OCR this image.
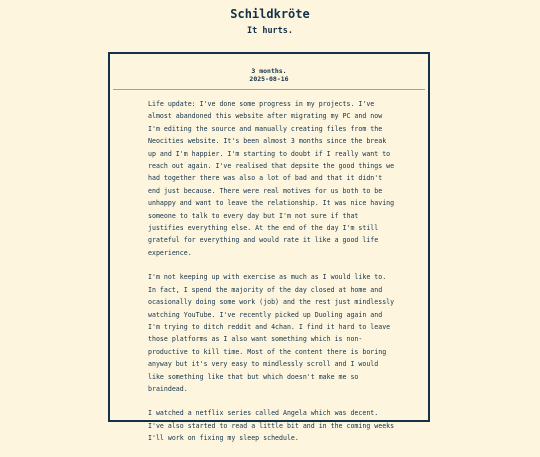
Schildkröte
It hurts.
3 months.
2025-08-16

Life update: I've done some progress in my projects. I've almost abandoned this website after migrating my PC and now I'm editing the source and manually creating files from the Neocities website. It's been almost 3 months since the break up and I'm happier. I'm starting to doubt if I really want to reach out again. I've realised that depsite the good things we had together there was also a lot of bad and that it didn't end just because. There were real motives for us both to be unhappy and want to leave the relationship. It was nice having someone to talk to every day but I'm not sure if that justifies everything else. At the end of the day I'm still grateful for everything and would rate it like a good life experience.

I'm not keeping up with exercise as much as I would like to. In fact, I spend the majority of the day closed at home and ocasionally doing some work (job) and the rest just mindlessly watching YouTube. I've recently picked up Duoling again and I'm trying to ditch reddit and 4chan. I find it hard to leave those platforms as I also want something which is non-productive to kill time. Most of the content there is boring anyway but it's very easy to mindlessly scroll and I would like something like that but which doesn't make me so braindead.

I watched a netflix series called Angela which was decent. I've also started to read a little bit and in the coming weeks I'll work on fixing my sleep schedule.
